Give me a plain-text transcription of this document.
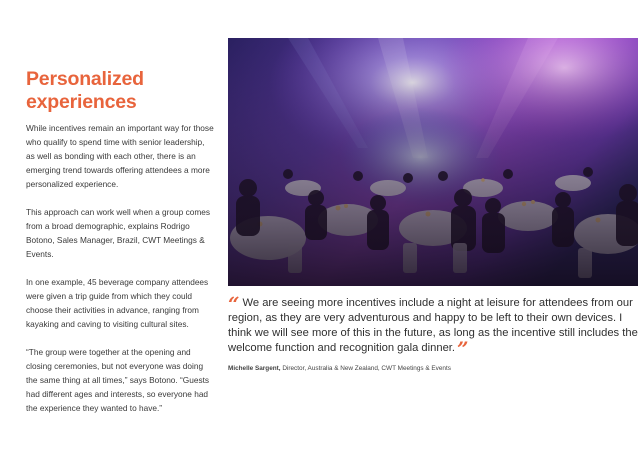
Personalized
experiences

While incentives remain an important way for those
who qualify to spend time with senior leadership,
as well as bonding with each other, there is an
emerging trend towards offering attendees a more
personalized experience.

This approach can work well when a group comes
from a broad demographic, explains Rodrigo
Botono, Sales Manager, Brazil, CWT Meetings &
Events.

In one example, 45 beverage company attendees
were given a trip guide from which they could
choose their activities in advance, ranging from
kayaking and caving to visiting cultural sites.

“The group were together at the opening and
closing ceremonies, but not everyone was doing
the same thing at all times,” says Botono. “Guests
had different ages and interests, so everyone had
the experience they wanted to have.”

“ We are seeing more incentives include a night at leisure for attendees from our
region, as they are very adventurous and happy to be left to their own devices. I
think we will see more of this in the future, as long as the incentive still includes the
welcome function and recognition gala dinner. ”

Michelle Sargent, Director, Australia & New Zealand, CWT Meetings & Events
